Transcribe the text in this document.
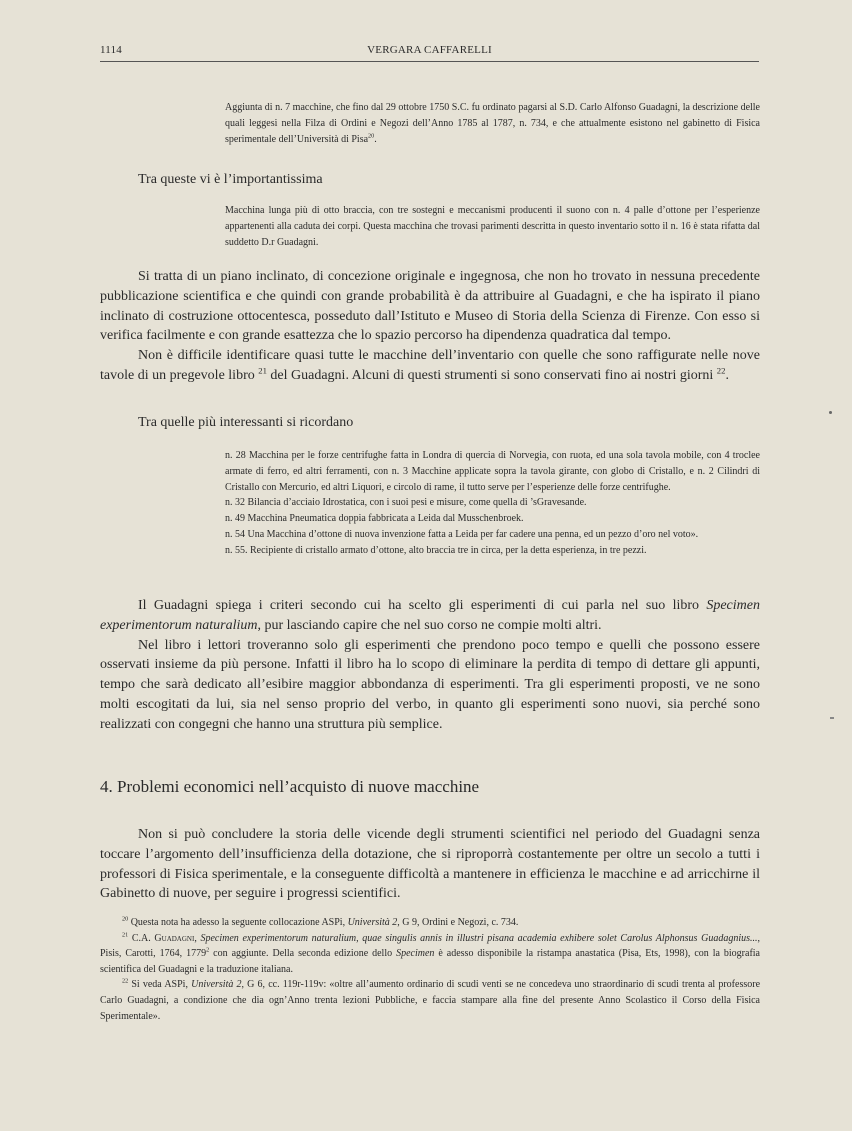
1114	VERGARA CAFFARELLI

Aggiunta di n. 7 macchine, che fino dal 29 ottobre 1750 S.C. fu ordinato pagarsi al S.D. Carlo Alfonso Guadagni, la descrizione delle quali leggesi nella Filza di Ordini e Negozi dell’Anno 1785 al 1787, n. 734, e che attualmente esistono nel gabinetto di Fisica sperimentale dell’Università di Pisa$^{20}$.

Tra queste vi è l’importantissima

Macchina lunga più di otto braccia, con tre sostegni e meccanismi producenti il suono con n. 4 palle d’ottone per l’esperienze appartenenti alla caduta dei corpi. Questa macchina che trovasi parimenti descritta in questo inventario sotto il n. 16 è stata rifatta dal suddetto D.r Guadagni.

Si tratta di un piano inclinato, di concezione originale e ingegnosa, che non ho trovato in nessuna precedente pubblicazione scientifica e che quindi con grande probabilità è da attribuire al Guadagni, e che ha ispirato il piano inclinato di costruzione ottocentesca, posseduto dall’Istituto e Museo di Storia della Scienza di Firenze. Con esso si verifica facilmente e con grande esattezza che lo spazio percorso ha dipendenza quadratica dal tempo.

Non è difficile identificare quasi tutte le macchine dell’inventario con quelle che sono raffigurate nelle nove tavole di un pregevole libro $^{21}$ del Guadagni. Alcuni di questi strumenti si sono conservati fino ai nostri giorni $^{22}$.

Tra quelle più interessanti si ricordano

n. 28 Macchina per le forze centrifughe fatta in Londra di quercia di Norvegia, con ruota, ed una sola tavola mobile, con 4 troclee armate di ferro, ed altri ferramenti, con n. 3 Macchine applicate sopra la tavola girante, con globo di Cristallo, e n. 2 Cilindri di Cristallo con Mercurio, ed altri Liquori, e circolo di rame, il tutto serve per l’esperienze delle forze centrifughe.

n. 32 Bilancia d’acciaio Idrostatica, con i suoi pesi e misure, come quella di ’sGravesande.

n. 49 Macchina Pneumatica doppia fabbricata a Leida dal Musschenbroek.

n. 54 Una Macchina d’ottone di nuova invenzione fatta a Leida per far cadere una penna, ed un pezzo d’oro nel voto».

n. 55. Recipiente di cristallo armato d’ottone, alto braccia tre in circa, per la detta esperienza, in tre pezzi.

Il Guadagni spiega i criteri secondo cui ha scelto gli esperimenti di cui parla nel suo libro Specimen experimentorum naturalium, pur lasciando capire che nel suo corso ne compie molti altri.

Nel libro i lettori troveranno solo gli esperimenti che prendono poco tempo e quelli che possono essere osservati insieme da più persone. Infatti il libro ha lo scopo di eliminare la perdita di tempo di dettare gli appunti, tempo che sarà dedicato all’esibire maggior abbondanza di esperimenti. Tra gli esperimenti proposti, ve ne sono molti escogitati da lui, sia nel senso proprio del verbo, in quanto gli esperimenti sono nuovi, sia perché sono realizzati con congegni che hanno una struttura più semplice.

4. Problemi economici nell’acquisto di nuove macchine

Non si può concludere la storia delle vicende degli strumenti scientifici nel periodo del Guadagni senza toccare l’argomento dell’insufficienza della dotazione, che si riproporrà costantemente per oltre un secolo a tutti i professori di Fisica sperimentale, e la conseguente difficoltà a mantenere in efficienza le macchine e ad arricchirne il Gabinetto di nuove, per seguire i progressi scientifici.

$^{20}$ Questa nota ha adesso la seguente collocazione ASPi, Università 2, G 9, Ordini e Negozi, c. 734.

$^{21}$ C.A. Guadagni, Specimen experimentorum naturalium, quae singulis annis in illustri pisana academia exhibere solet Carolus Alphonsus Guadagnius..., Pisis, Carotti, 1764, 1779$^2$ con aggiunte. Della seconda edizione dello Specimen è adesso disponibile la ristampa anastatica (Pisa, Ets, 1998), con la biografia scientifica del Guadagni e la traduzione italiana.

$^{22}$ Si veda ASPi, Università 2, G 6, cc. 119r-119v: «oltre all’aumento ordinario di scudi venti se ne concedeva uno straordinario di scudi trenta al professore Carlo Guadagni, a condizione che dia ogn’Anno trenta lezioni Pubbliche, e faccia stampare alla fine del presente Anno Scolastico il Corso della Fisica Sperimentale».
